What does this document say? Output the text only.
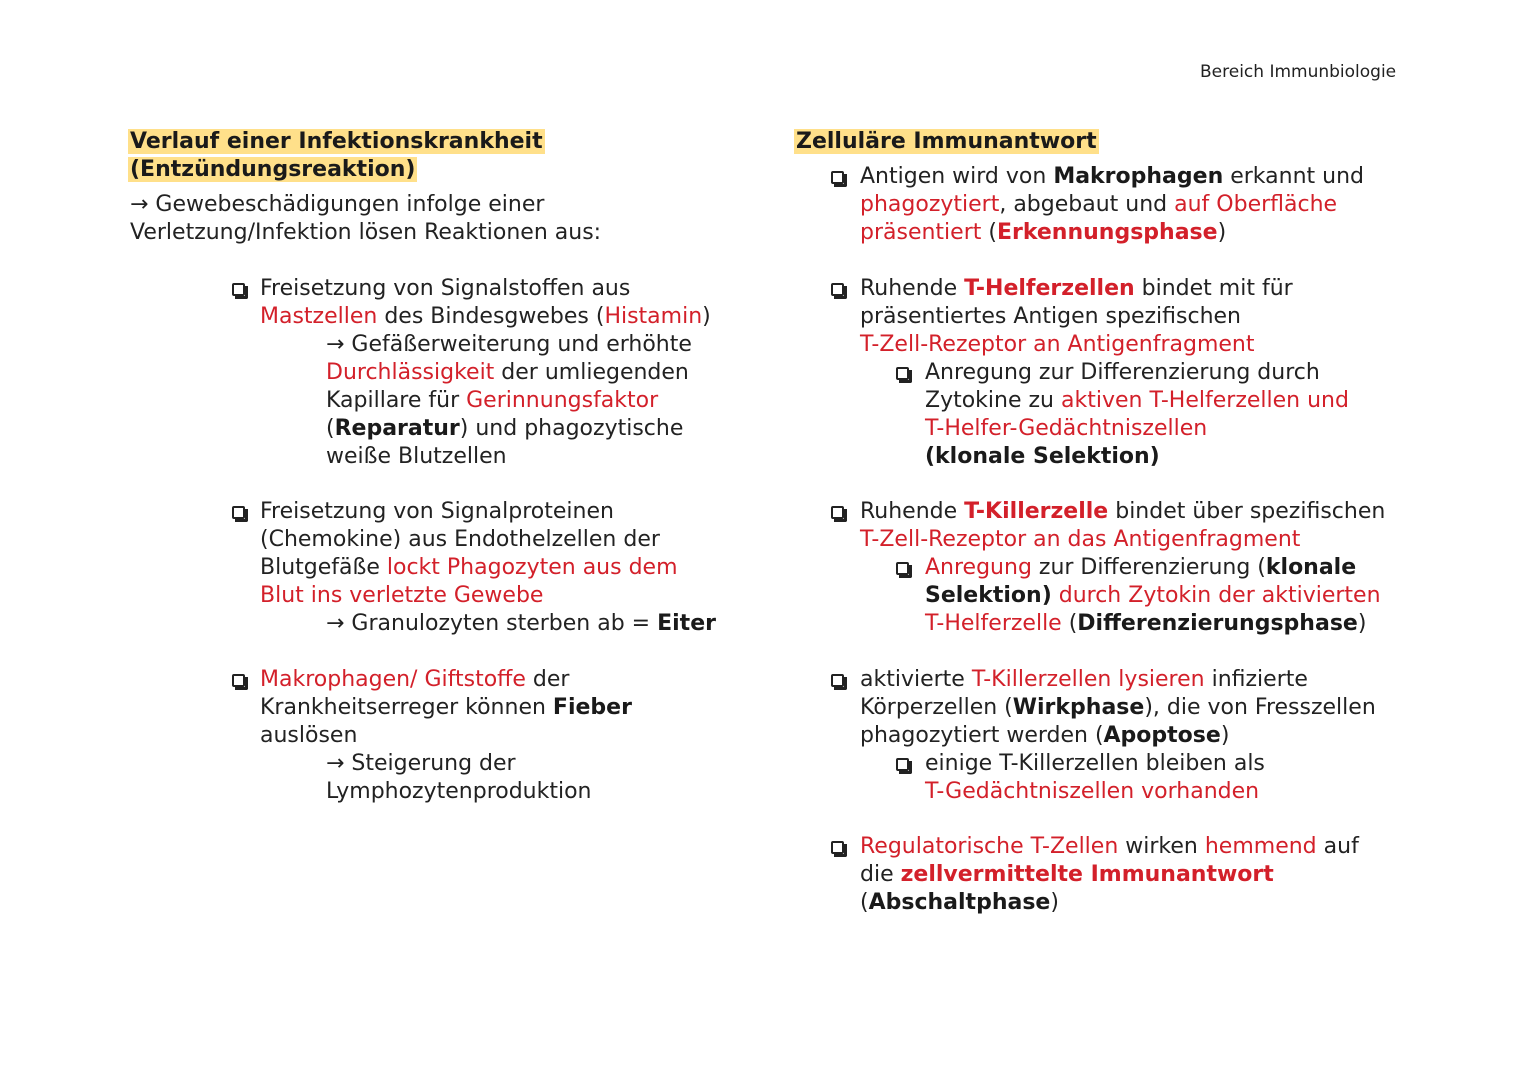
Bereich Immunbiologie
Verlauf einer Infektionskrankheit
(Entzündungsreaktion)
→ Gewebeschädigungen infolge einer
Verletzung/Infektion lösen Reaktionen aus:
Freisetzung von Signalstoffen aus
Mastzellen des Bindesgwebes (Histamin)
→ Gefäßerweiterung und erhöhte
Durchlässigkeit der umliegenden
Kapillare für Gerinnungsfaktor
(Reparatur) und phagozytische
weiße Blutzellen
Freisetzung von Signalproteinen
(Chemokine) aus Endothelzellen der
Blutgefäße lockt Phagozyten aus dem
Blut ins verletzte Gewebe
→ Granulozyten sterben ab = Eiter
Makrophagen/ Giftstoffe der
Krankheitserreger können Fieber
auslösen
→ Steigerung der
Lymphozytenproduktion
Zelluläre Immunantwort
Antigen wird von Makrophagen erkannt und
phagozytiert, abgebaut und auf Oberfläche
präsentiert (Erkennungsphase)
Ruhende T-Helferzellen bindet mit für
präsentiertes Antigen spezifischen
T-Zell-Rezeptor an Antigenfragment
Anregung zur Differenzierung durch
Zytokine zu aktiven T-Helferzellen und
T-Helfer-Gedächtniszellen
(klonale Selektion)
Ruhende T-Killerzelle bindet über spezifischen
T-Zell-Rezeptor an das Antigenfragment
Anregung zur Differenzierung (klonale
Selektion) durch Zytokin der aktivierten
T-Helferzelle (Differenzierungsphase)
aktivierte T-Killerzellen lysieren infizierte
Körperzellen (Wirkphase), die von Fresszellen
phagozytiert werden (Apoptose)
einige T-Killerzellen bleiben als
T-Gedächtniszellen vorhanden
Regulatorische T-Zellen wirken hemmend auf
die zellvermittelte Immunantwort
(Abschaltphase)
